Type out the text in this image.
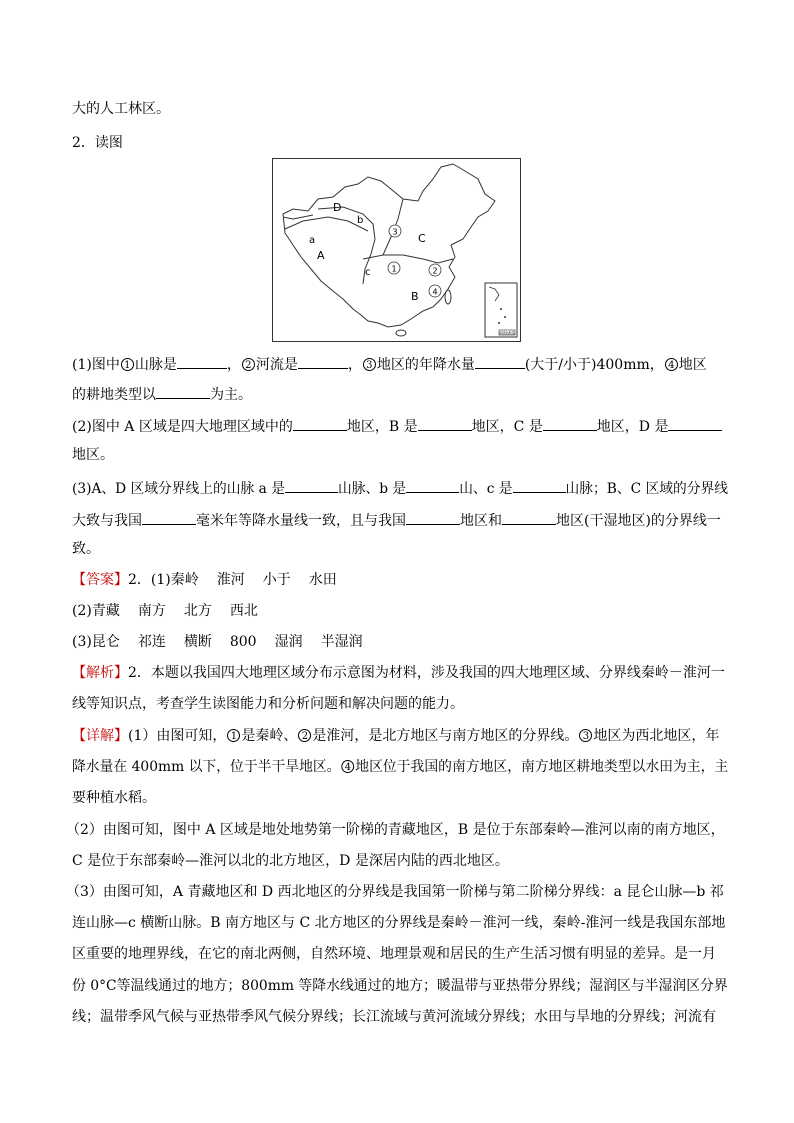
大的人工林区。
2．读图
南海诸岛
D
b
a
A
C
c
B
3
1	2
4
(1)图中 1 山脉是	， 2 河流是	， 3 地区的年降水量	(大于/小于)400mm， 4 地区
的耕地类型以	为主。
(2)图中 A 区域是四大地理区域中的	地区，B 是	地区，C 是	地区，D 是
地区。
(3)A、D 区域分界线上的山脉 a 是	山脉、b 是	山、c 是	山脉；B、C 区域的分界线
大致与我国	毫米年等降水量线一致，且与我国	地区和	地区(干湿地区)的分界线一
致。
【答案】2．(1)秦岭 淮河 小于 水田
(2)青藏 南方 北方 西北
(3)昆仑 祁连 横断 800 湿润 半湿润
【解析】2．本题以我国四大地理区域分布示意图为材料，涉及我国的四大地理区域、分界线秦岭－淮河一
线等知识点，考查学生读图能力和分析问题和解决问题的能力。
【详解】(1）由图可知， 1 是秦岭、 2 是淮河，是北方地区与南方地区的分界线。 3 地区为西北地区，年
降水量在 400mm 以下，位于半干旱地区。 4 地区位于我国的南方地区，南方地区耕地类型以水田为主，主
要种植水稻。
（2）由图可知，图中 A 区域是地处地势第一阶梯的青藏地区，B 是位于东部秦岭—淮河以南的南方地区，
C 是位于东部秦岭—淮河以北的北方地区，D 是深居内陆的西北地区。
（3）由图可知，A 青藏地区和 D 西北地区的分界线是我国第一阶梯与第二阶梯分界线：a 昆仑山脉—b 祁
连山脉—c 横断山脉。B 南方地区与 C 北方地区的分界线是秦岭－淮河一线，秦岭-淮河一线是我国东部地
区重要的地理界线，在它的南北两侧，自然环境、地理景观和居民的生产生活习惯有明显的差异。是一月
份 0°C等温线通过的地方；800mm 等降水线通过的地方；暖温带与亚热带分界线；湿润区与半湿润区分界
线；温带季风气候与亚热带季风气候分界线；长江流域与黄河流域分界线；水田与旱地的分界线；河流有
